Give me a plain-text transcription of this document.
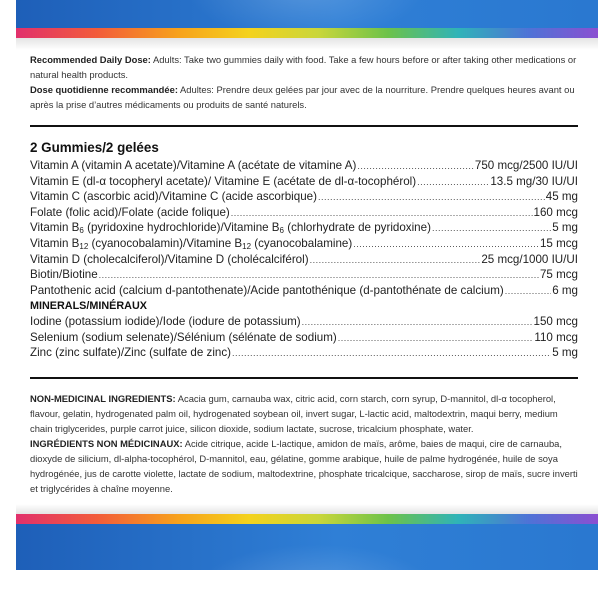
Recommended Daily Dose: Adults: Take two gummies daily with food. Take a few hours before or after taking other medications or natural health products.

Dose quotidienne recommandée: Adultes: Prendre deux gelées par jour avec de la nourriture. Prendre quelques heures avant ou après la prise d’autres médicaments ou produits de santé naturels.

2 Gummies/2 gelées
Vitamin A (vitamin A acetate)/Vitamine A (acétate de vitamine A) .....	750 mcg/2500 IU/UI
Vitamin E (dl-α tocopheryl acetate)/ Vitamine E (acétate de dl-α-tocophérol) .....	13.5 mg/30 IU/UI
Vitamin C (ascorbic acid)/Vitamine C (acide ascorbique) .....	45 mg
Folate (folic acid)/Folate (acide folique) .....	160 mcg
Vitamin $B_6$ (pyridoxine hydrochloride)/Vitamine $B_6$ (chlorhydrate de pyridoxine) .....	5 mg
Vitamin $B_{12}$ (cyanocobalamin)/Vitamine $B_{12}$ (cyanocobalamine) .....	15 mcg
Vitamin D (cholecalciferol)/Vitamine D (cholécalciférol) .....	25 mcg/1000 IU/UI
Biotin/Biotine .....	75 mcg
Pantothenic acid (calcium d-pantothenate)/Acide pantothénique (d-pantothénate de calcium) .....	6 mg
MINERALS/MINÉRAUX
Iodine (potassium iodide)/Iode (iodure de potassium) .....	150 mcg
Selenium (sodium selenate)/Sélénium (sélénate de sodium) .....	110 mcg
Zinc (zinc sulfate)/Zinc (sulfate de zinc) .....	5 mg

NON-MEDICINAL INGREDIENTS: Acacia gum, carnauba wax, citric acid, corn starch, corn syrup, D-mannitol, dl-α tocopherol, flavour, gelatin, hydrogenated palm oil, hydrogenated soybean oil, invert sugar, L-lactic acid, maltodextrin, maqui berry, medium chain triglycerides, purple carrot juice, silicon dioxide, sodium lactate, sucrose, tricalcium phosphate, water.

INGRÉDIENTS NON MÉDICINAUX: Acide citrique, acide L-lactique, amidon de maïs, arôme, baies de maqui, cire de carnauba, dioxyde de silicium, dl-alpha-tocophérol, D-mannitol, eau, gélatine, gomme arabique, huile de palme hydrogénée, huile de soya hydrogénée, jus de carotte violette, lactate de sodium, maltodextrine, phosphate tricalcique, saccharose, sirop de maïs, sucre inverti et triglycérides à chaîne moyenne.
